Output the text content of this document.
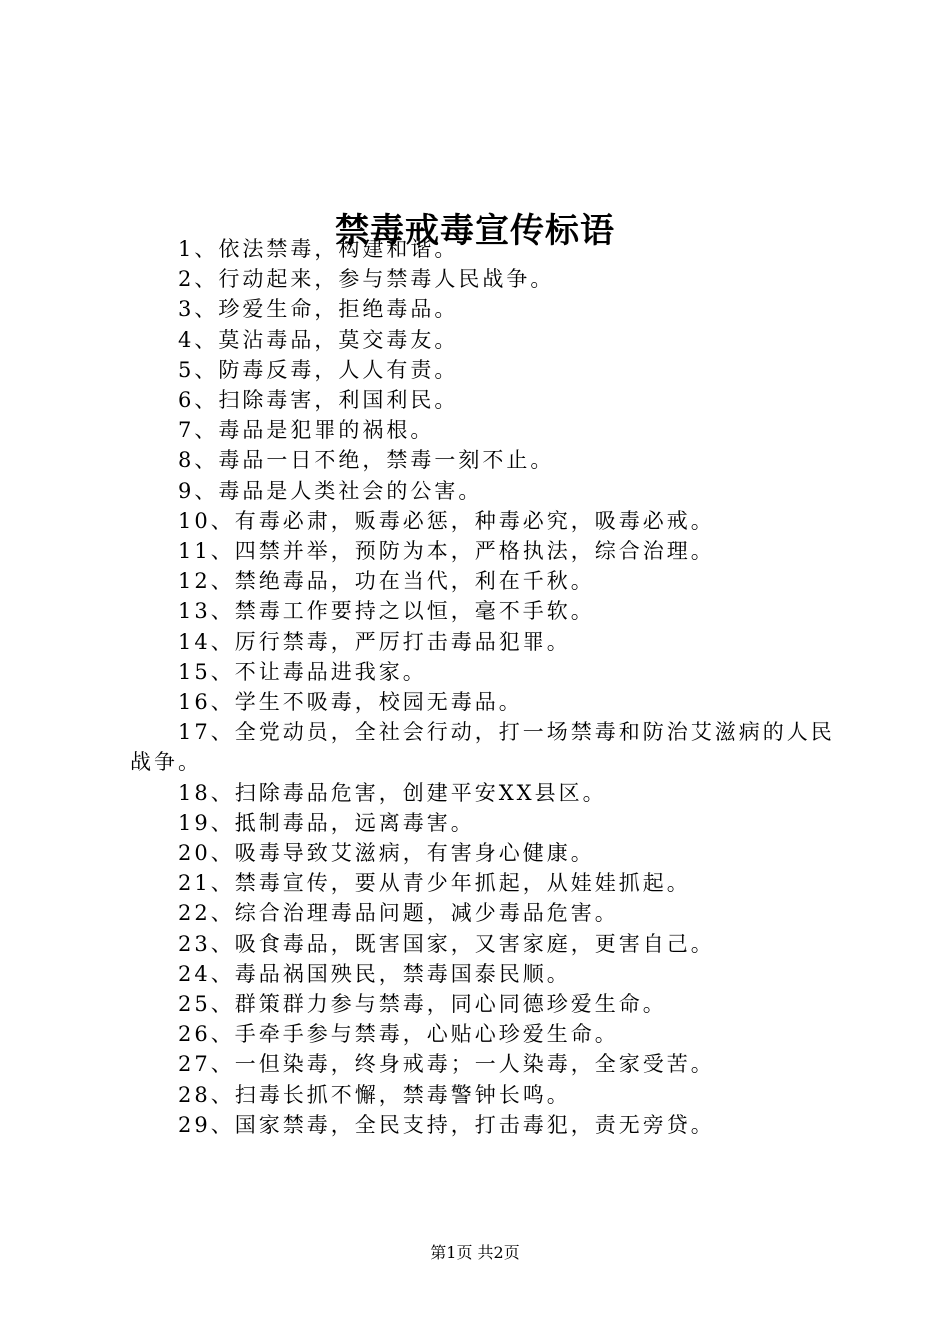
禁毒戒毒宣传标语
1、依法禁毒，构建和谐。
2、行动起来，参与禁毒人民战争。
3、珍爱生命，拒绝毒品。
4、莫沾毒品，莫交毒友。
5、防毒反毒，人人有责。
6、扫除毒害，利国利民。
7、毒品是犯罪的祸根。
8、毒品一日不绝，禁毒一刻不止。
9、毒品是人类社会的公害。
10、有毒必肃，贩毒必惩，种毒必究，吸毒必戒。
11、四禁并举，预防为本，严格执法，综合治理。
12、禁绝毒品，功在当代，利在千秋。
13、禁毒工作要持之以恒，毫不手软。
14、厉行禁毒，严厉打击毒品犯罪。
15、不让毒品进我家。
16、学生不吸毒，校园无毒品。
17、全党动员，全社会行动，打一场禁毒和防治艾滋病的人民战争。
18、扫除毒品危害，创建平安XX县区。
19、抵制毒品，远离毒害。
20、吸毒导致艾滋病，有害身心健康。
21、禁毒宣传，要从青少年抓起，从娃娃抓起。
22、综合治理毒品问题，减少毒品危害。
23、吸食毒品，既害国家，又害家庭，更害自己。
24、毒品祸国殃民，禁毒国泰民顺。
25、群策群力参与禁毒，同心同德珍爱生命。
26、手牵手参与禁毒，心贴心珍爱生命。
27、一但染毒，终身戒毒；一人染毒，全家受苦。
28、扫毒长抓不懈，禁毒警钟长鸣。
29、国家禁毒，全民支持，打击毒犯，责无旁贷。
第1页 共2页
